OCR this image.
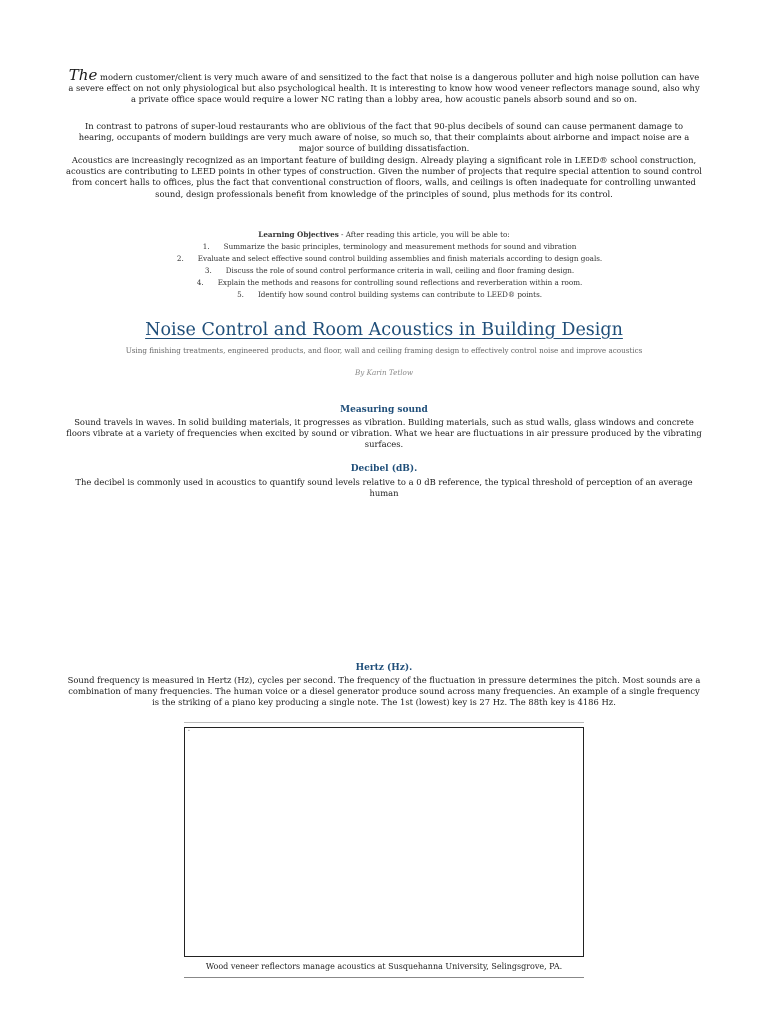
The modern customer/client is very much aware of and sensitized to the fact that noise is a dangerous polluter and high noise pollution can have a severe effect on not only physiological but also psychological health. It is interesting to know how wood veneer reflectors manage sound, also why a private office space would require a lower NC rating than a lobby area, how acoustic panels absorb sound and so on.

In contrast to patrons of super-loud restaurants who are oblivious of the fact that 90-plus decibels of sound can cause permanent damage to hearing, occupants of modern buildings are very much aware of noise, so much so, that their complaints about airborne and impact noise are a major source of building dissatisfaction.

Acoustics are increasingly recognized as an important feature of building design. Already playing a significant role in LEED® school construction, acoustics are contributing to LEED points in other types of construction. Given the number of projects that require special attention to sound control from concert halls to offices, plus the fact that conventional construction of floors, walls, and ceilings is often inadequate for controlling unwanted sound, design professionals benefit from knowledge of the principles of sound, plus methods for its control.

Learning Objectives - After reading this article, you will be able to:
1. Summarize the basic principles, terminology and measurement methods for sound and vibration
2. Evaluate and select effective sound control building assemblies and finish materials according to design goals.
3. Discuss the role of sound control performance criteria in wall, ceiling and floor framing design.
4. Explain the methods and reasons for controlling sound reflections and reverberation within a room.
5. Identify how sound control building systems can contribute to LEED® points.
Noise Control and Room Acoustics in Building Design

Using finishing treatments, engineered products, and floor, wall and ceiling framing design to effectively control noise and improve acoustics

By Karin Tetlow

Measuring sound

Sound travels in waves. In solid building materials, it progresses as vibration. Building materials, such as stud walls, glass windows and concrete floors vibrate at a variety of frequencies when excited by sound or vibration. What we hear are fluctuations in air pressure produced by the vibrating surfaces.

Decibel (dB).

The decibel is commonly used in acoustics to quantify sound levels relative to a 0 dB reference, the typical threshold of perception of an average human

Hertz (Hz).

Sound frequency is measured in Hertz (Hz), cycles per second. The frequency of the fluctuation in pressure determines the pitch. Most sounds are a combination of many frequencies. The human voice or a diesel generator produce sound across many frequencies. An example of a single frequency is the striking of a piano key producing a single note. The 1st (lowest) key is 27 Hz. The 88th key is 4186 Hz.

▪

Wood veneer reflectors manage acoustics at Susquehanna University, Selingsgrove, PA.
